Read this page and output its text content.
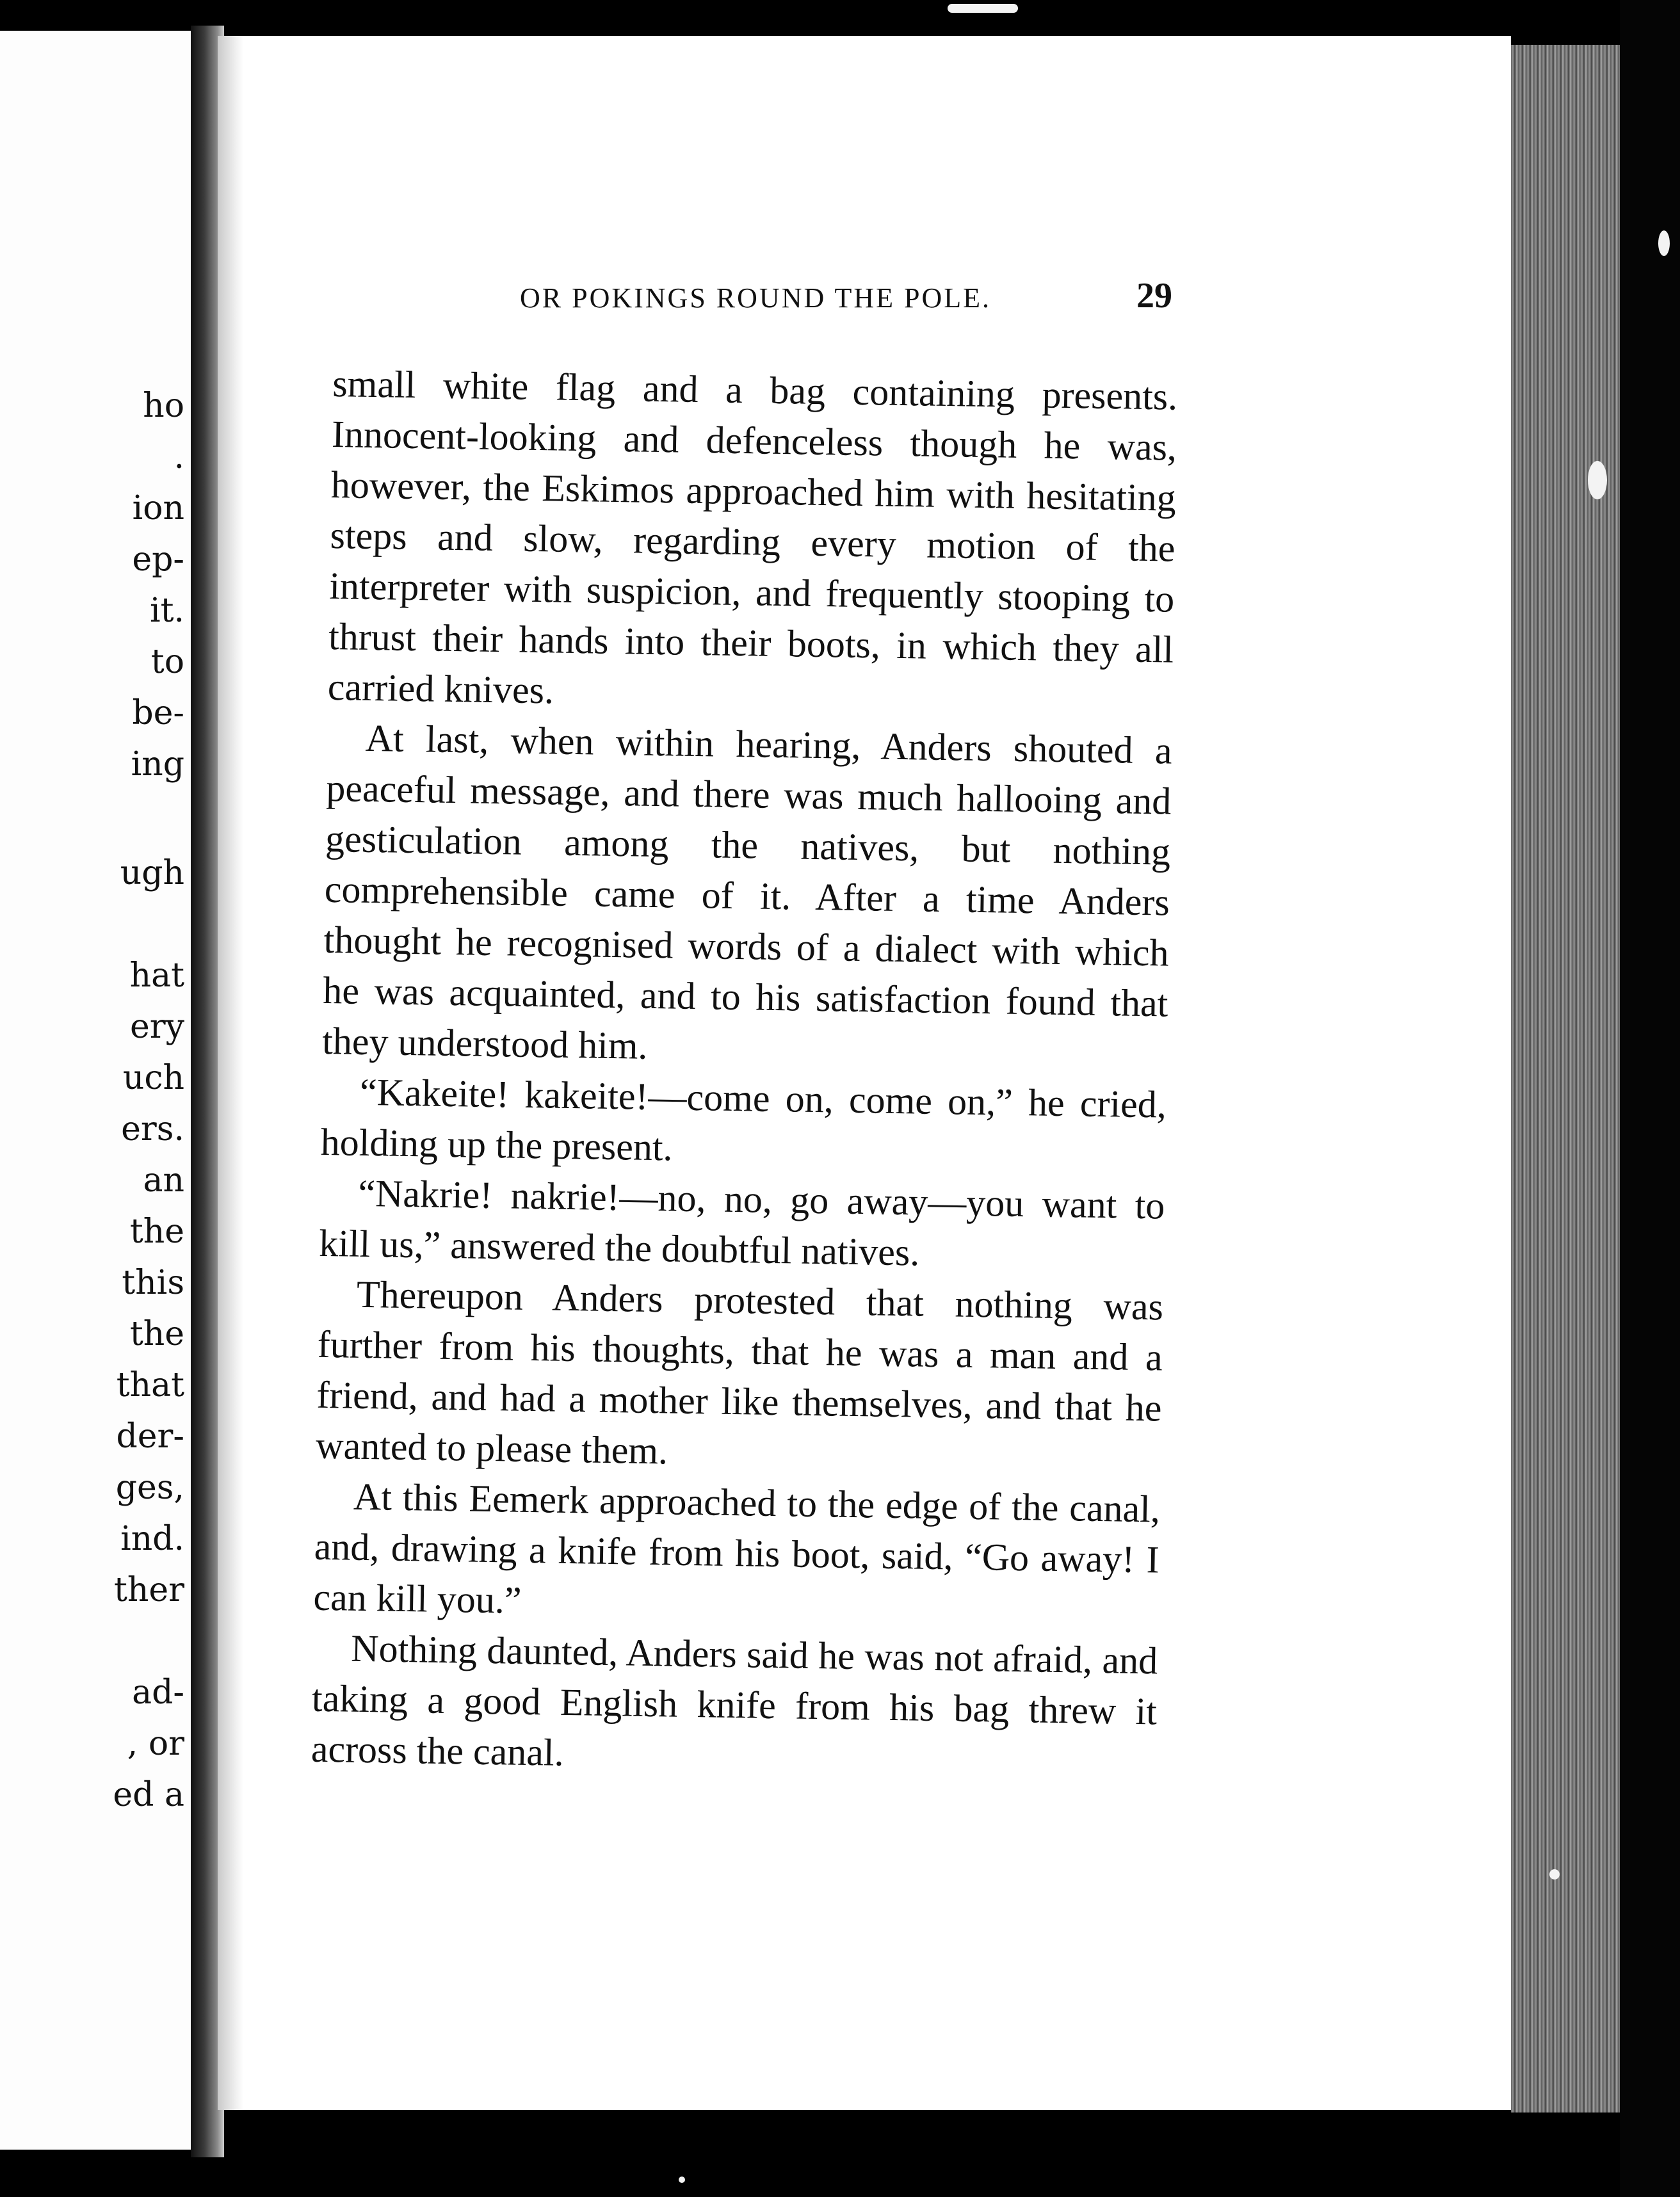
ho
.
ion
ep-
it.
to
be-
ing
ugh
hat
ery
uch
ers.
an
the
this
the
that
der-
ges,
ind.
ther
ad-
, or
ed a
OR POKINGS ROUND THE POLE.	29

small white flag and a bag containing presents. Innocent-looking and defenceless though he was, however, the Eskimos approached him with hesitating steps and slow, regarding every motion of the interpreter with suspicion, and frequently stooping to thrust their hands into their boots, in which they all carried knives.

At last, when within hearing, Anders shouted a peaceful message, and there was much hallooing and gesticulation among the natives, but nothing comprehensible came of it. After a time Anders thought he recognised words of a dialect with which he was acquainted, and to his satisfaction found that they understood him.

“Kakeite! kakeite!—come on, come on,” he cried, holding up the present.

“Nakrie! nakrie!—no, no, go away—you want to kill us,” answered the doubtful natives.

Thereupon Anders protested that nothing was further from his thoughts, that he was a man and a friend, and had a mother like themselves, and that he wanted to please them.

At this Eemerk approached to the edge of the canal, and, drawing a knife from his boot, said, “Go away! I can kill you.”

Nothing daunted, Anders said he was not afraid, and taking a good English knife from his bag threw it across the canal.
